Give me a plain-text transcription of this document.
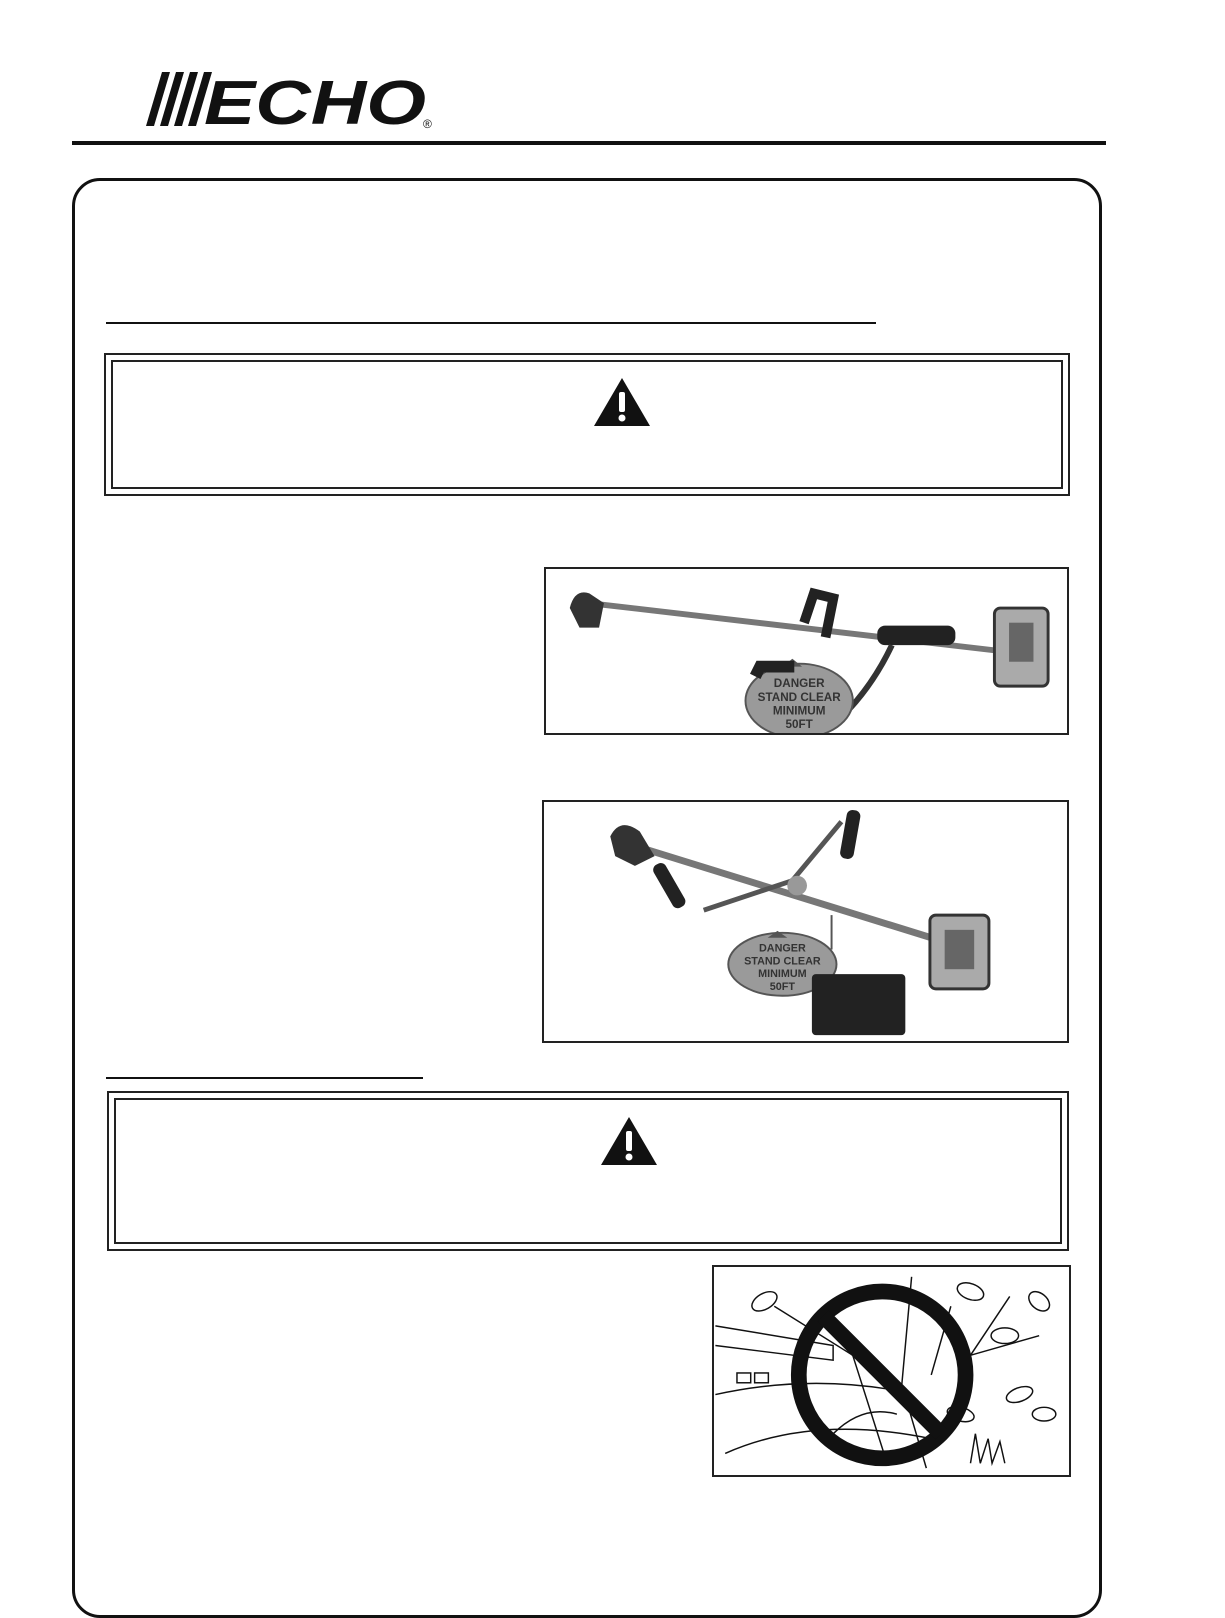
ECHO
®
DANGER
STAND CLEAR
MINIMUM
50FT
DANGER
STAND CLEAR
MINIMUM
50FT
